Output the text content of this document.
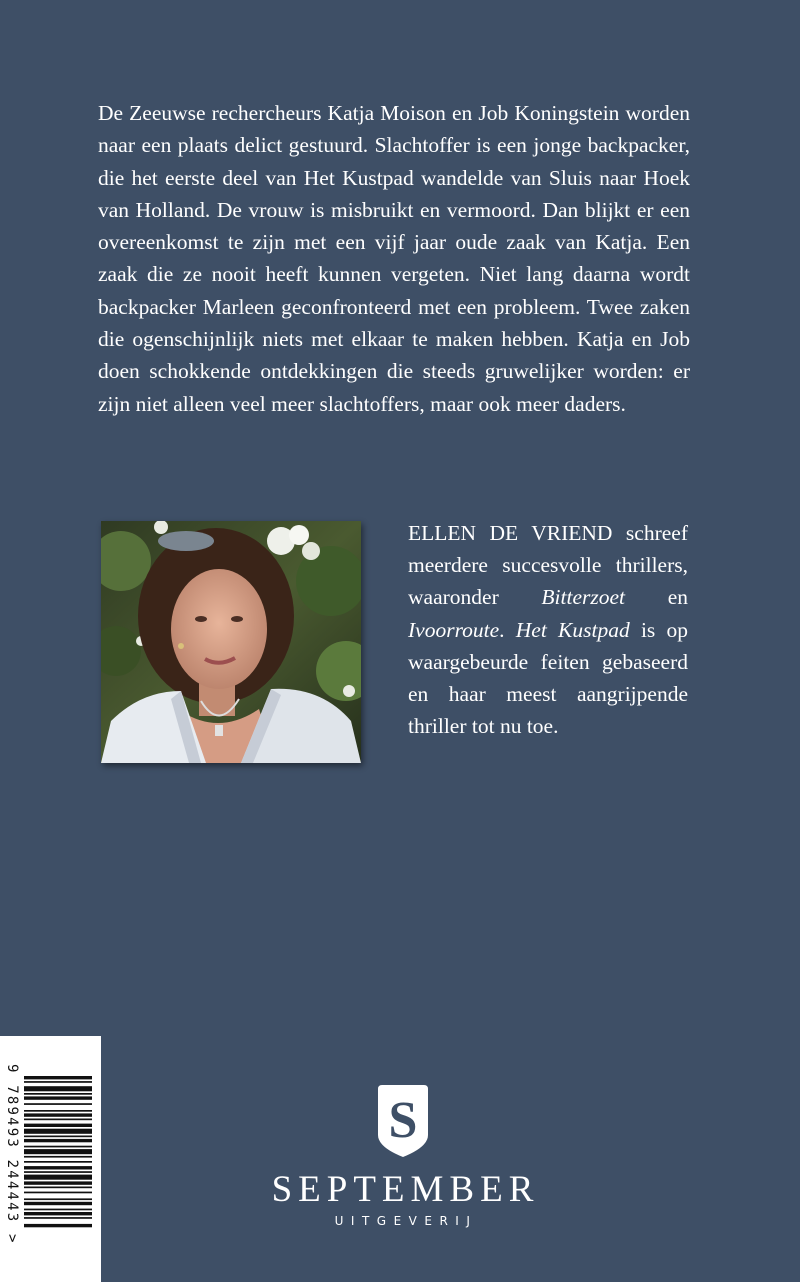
De Zeeuwse rechercheurs Katja Moison en Job Koningstein worden naar een plaats delict gestuurd. Slachtoffer is een jonge backpacker, die het eerste deel van Het Kustpad wandelde van Sluis naar Hoek van Holland. De vrouw is misbruikt en vermoord. Dan blijkt er een overeenkomst te zijn met een vijf jaar oude zaak van Katja. Een zaak die ze nooit heeft kunnen vergeten. Niet lang daarna wordt backpacker Marleen geconfronteerd met een probleem. Twee zaken die ogenschijnlijk niets met elkaar te maken hebben. Katja en Job doen schokkende ontdekkingen die steeds gruwelijker worden: er zijn niet alleen veel meer slachtoffers, maar ook meer daders.

ELLEN DE VRIEND schreef meerdere succesvolle thrillers, waaronder Bitterzoet en Ivoorroute. Het Kustpad is op waargebeurde feiten gebaseerd en haar meest aangrijpende thriller tot nu toe.

9 789493 244443 >	S
SEPTEMBER
UITGEVERIJ
